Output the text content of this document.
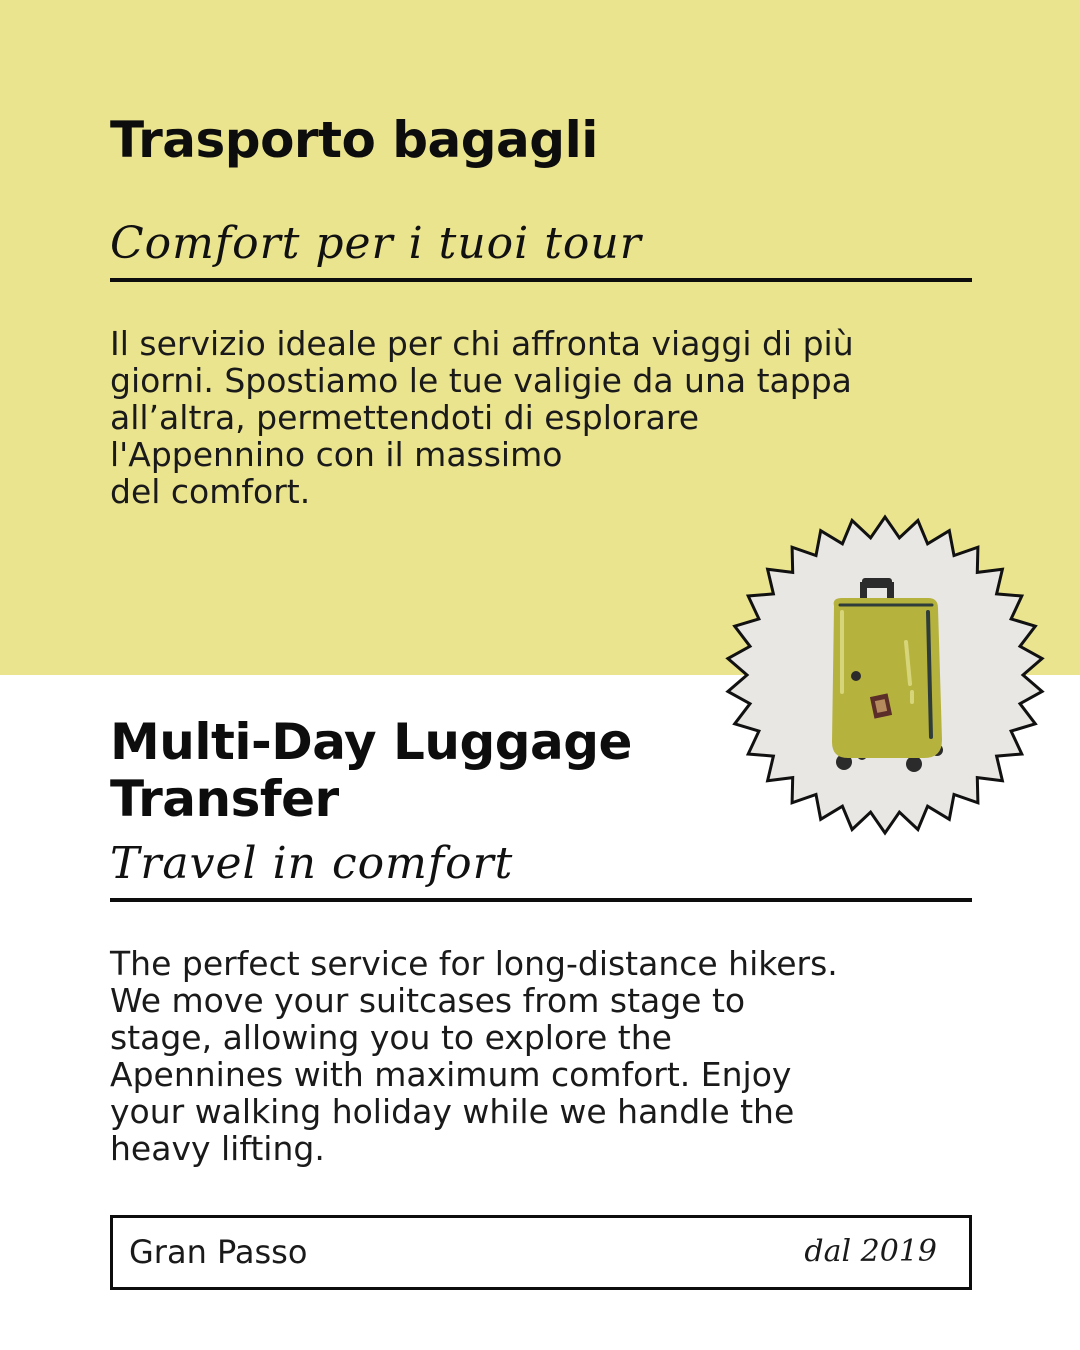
Trasporto bagagli
Comfort per i tuoi tour

Il servizio ideale per chi affronta viaggi di più
giorni. Spostiamo le tue valigie da una tappa
all’altra, permettendoti di esplorare
l'Appennino con il massimo
del comfort.

Multi-Day Luggage
Transfer
Travel in comfort

The perfect service for long-distance hikers.
We move your suitcases from stage to
stage, allowing you to explore the
Apennines with maximum comfort. Enjoy
your walking holiday while we handle the
heavy lifting.

Gran Passo	dal 2019
